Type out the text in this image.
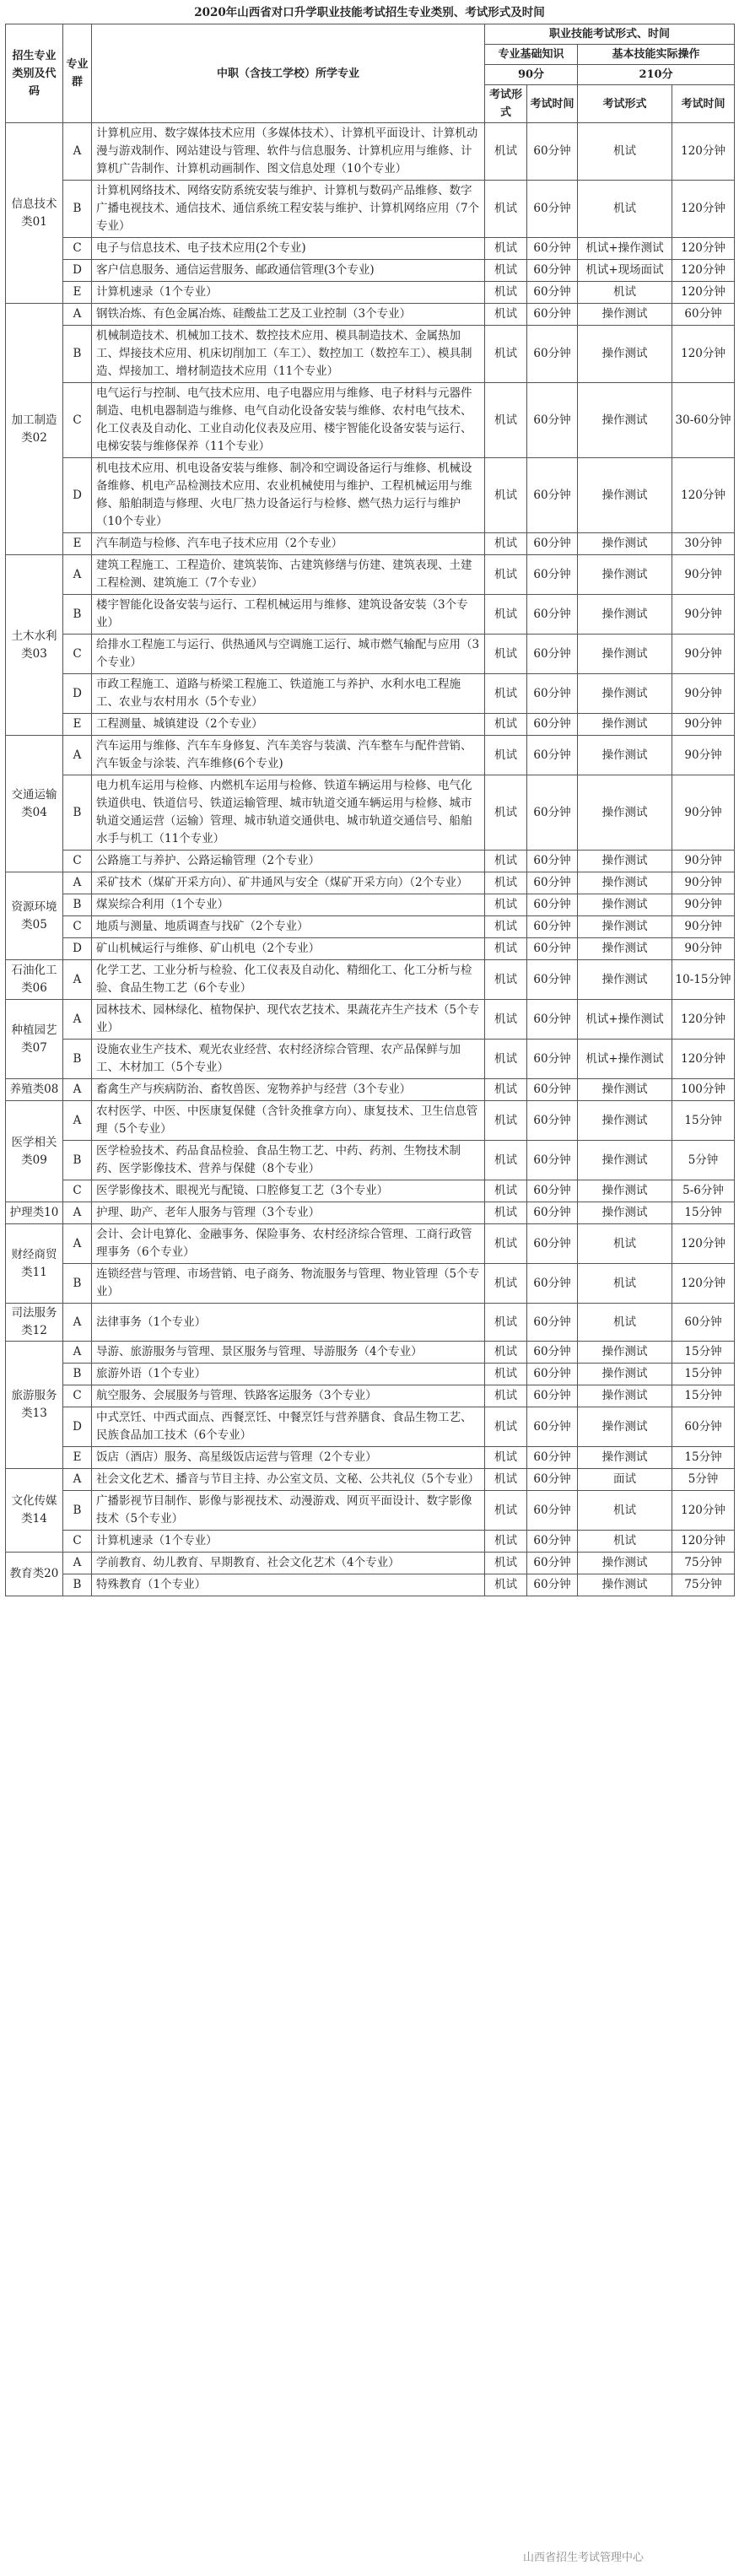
2020年山西省对口升学职业技能考试招生专业类别、考试形式及时间
招生专业类别及代码	专业群	中职（含技工学校）所学专业	职业技能考试形式、时间			
			专业基础知识		基本技能实际操作	
			90分		210分	
			考试形式	考试时间	考试形式	考试时间
信息技术类01	A	计算机应用、数字媒体技术应用（多媒体技术）、计算机平面设计、计算机动漫与游戏制作、网站建设与管理、软件与信息服务、计算机应用与维修、计算机广告制作、计算机动画制作、图文信息处理（10个专业）	机试	60分钟	机试	120分钟
	B	计算机网络技术、网络安防系统安装与维护、计算机与数码产品维修、数字广播电视技术、通信技术、通信系统工程安装与维护、计算机网络应用（7个专业）	机试	60分钟	机试	120分钟
	C	电子与信息技术、电子技术应用(2个专业)	机试	60分钟	机试+操作测试	120分钟
	D	客户信息服务、通信运营服务、邮政通信管理(3个专业)	机试	60分钟	机试+现场面试	120分钟
	E	计算机速录（1个专业）	机试	60分钟	机试	120分钟
加工制造类02	A	钢铁冶炼、有色金属冶炼、硅酸盐工艺及工业控制（3个专业）	机试	60分钟	操作测试	60分钟
	B	机械制造技术、机械加工技术、数控技术应用、模具制造技术、金属热加工、焊接技术应用、机床切削加工（车工）、数控加工（数控车工）、模具制造、焊接加工、增材制造技术应用（11个专业）	机试	60分钟	操作测试	120分钟
	C	电气运行与控制、电气技术应用、电子电器应用与维修、电子材料与元器件制造、电机电器制造与维修、电气自动化设备安装与维修、农村电气技术、化工仪表及自动化、工业自动化仪表及应用、楼宇智能化设备安装与运行、电梯安装与维修保养（11个专业）	机试	60分钟	操作测试	30-60分钟
	D	机电技术应用、机电设备安装与维修、制冷和空调设备运行与维修、机械设备维修、机电产品检测技术应用、农业机械使用与维护、工程机械运用与维修、船舶制造与修理、火电厂热力设备运行与检修、燃气热力运行与维护（10个专业）	机试	60分钟	操作测试	120分钟
	E	汽车制造与检修、汽车电子技术应用（2个专业）	机试	60分钟	操作测试	30分钟
土木水利类03	A	建筑工程施工、工程造价、建筑装饰、古建筑修缮与仿建、建筑表现、土建工程检测、建筑施工（7个专业）	机试	60分钟	操作测试	90分钟
	B	楼宇智能化设备安装与运行、工程机械运用与维修、建筑设备安装（3个专业）	机试	60分钟	操作测试	90分钟
	C	给排水工程施工与运行、供热通风与空调施工运行、城市燃气输配与应用（3个专业）	机试	60分钟	操作测试	90分钟
	D	市政工程施工、道路与桥梁工程施工、铁道施工与养护、水利水电工程施工、农业与农村用水（5个专业）	机试	60分钟	操作测试	90分钟
	E	工程测量、城镇建设（2个专业）	机试	60分钟	操作测试	90分钟
交通运输类04	A	汽车运用与维修、汽车车身修复、汽车美容与装潢、汽车整车与配件营销、汽车钣金与涂装、汽车维修(6个专业)	机试	60分钟	操作测试	90分钟
	B	电力机车运用与检修、内燃机车运用与检修、铁道车辆运用与检修、电气化铁道供电、铁道信号、铁道运输管理、城市轨道交通车辆运用与检修、城市轨道交通运营（运输）管理、城市轨道交通供电、城市轨道交通信号、船舶水手与机工（11个专业）	机试	60分钟	操作测试	90分钟
	C	公路施工与养护、公路运输管理（2个专业）	机试	60分钟	操作测试	90分钟
资源环境类05	A	采矿技术（煤矿开采方向）、矿井通风与安全（煤矿开采方向）（2个专业）	机试	60分钟	操作测试	90分钟
	B	煤炭综合利用（1个专业）	机试	60分钟	操作测试	90分钟
	C	地质与测量、地质调查与找矿（2个专业）	机试	60分钟	操作测试	90分钟
	D	矿山机械运行与维修、矿山机电（2个专业）	机试	60分钟	操作测试	90分钟
石油化工类06	A	化学工艺、工业分析与检验、化工仪表及自动化、精细化工、化工分析与检验、食品生物工艺（6个专业）	机试	60分钟	操作测试	10-15分钟
种植园艺类07	A	园林技术、园林绿化、植物保护、现代农艺技术、果蔬花卉生产技术（5个专业）	机试	60分钟	机试+操作测试	120分钟
	B	设施农业生产技术、观光农业经营、农村经济综合管理、农产品保鲜与加工、木材加工（5个专业）	机试	60分钟	机试+操作测试	120分钟
养殖类08	A	畜禽生产与疾病防治、畜牧兽医、宠物养护与经营（3个专业）	机试	60分钟	操作测试	100分钟
医学相关类09	A	农村医学、中医、中医康复保健（含针灸推拿方向）、康复技术、卫生信息管理（5个专业）	机试	60分钟	操作测试	15分钟
	B	医学检验技术、药品食品检验、食品生物工艺、中药、药剂、生物技术制药、医学影像技术、营养与保健（8个专业）	机试	60分钟	操作测试	5分钟
	C	医学影像技术、眼视光与配镜、口腔修复工艺（3个专业）	机试	60分钟	操作测试	5-6分钟
护理类10	A	护理、助产、老年人服务与管理（3个专业）	机试	60分钟	操作测试	15分钟
财经商贸类11	A	会计、会计电算化、金融事务、保险事务、农村经济综合管理、工商行政管理事务（6个专业）	机试	60分钟	机试	120分钟
	B	连锁经营与管理、市场营销、电子商务、物流服务与管理、物业管理（5个专业）	机试	60分钟	机试	120分钟
司法服务类12	A	法律事务（1个专业）	机试	60分钟	机试	60分钟
旅游服务类13	A	导游、旅游服务与管理、景区服务与管理、导游服务（4个专业）	机试	60分钟	操作测试	15分钟
	B	旅游外语（1个专业）	机试	60分钟	操作测试	15分钟
	C	航空服务、会展服务与管理、铁路客运服务（3个专业）	机试	60分钟	操作测试	15分钟
	D	中式烹饪、中西式面点、西餐烹饪、中餐烹饪与营养膳食、食品生物工艺、民族食品加工技术（6个专业）	机试	60分钟	操作测试	60分钟
	E	饭店（酒店）服务、高星级饭店运营与管理（2个专业）	机试	60分钟	操作测试	15分钟
文化传媒类14	A	社会文化艺术、播音与节目主持、办公室文员、文秘、公共礼仪（5个专业）	机试	60分钟	面试	5分钟
	B	广播影视节目制作、影像与影视技术、动漫游戏、网页平面设计、数字影像技术（5个专业）	机试	60分钟	机试	120分钟
	C	计算机速录（1个专业）	机试	60分钟	机试	120分钟
教育类20	A	学前教育、幼儿教育、早期教育、社会文化艺术（4个专业）	机试	60分钟	操作测试	75分钟
	B	特殊教育（1个专业）	机试	60分钟	操作测试	75分钟
山西省招生考试管理中心
